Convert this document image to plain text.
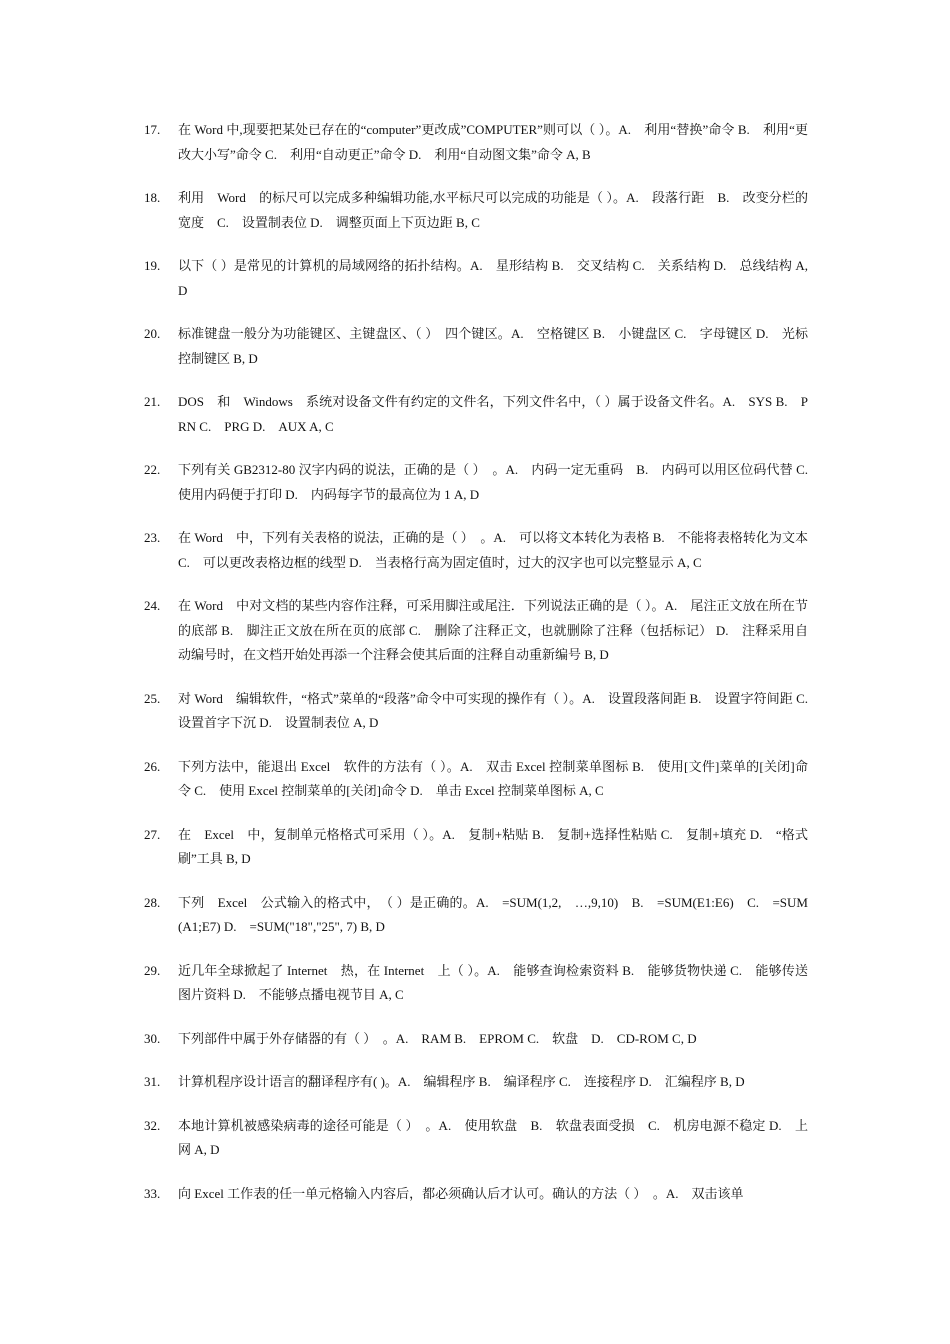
17.	在 Word 中,现要把某处已存在的“computer”更改成”COMPUTER”则可以（ ）。A.　利用“替换”命令 B.　利用“更改大小写”命令 C.　利用“自动更正”命令 D.　利用“自动图文集”命令 A, B
18.	利用　Word　的标尺可以完成多种编辑功能,水平标尺可以完成的功能是（ ）。A.　段落行距　B.　改变分栏的宽度　C.　设置制表位 D.　调整页面上下页边距 B, C
19.	以下（ ）是常见的计算机的局域网络的拓扑结构。A.　星形结构 B.　交叉结构 C.　关系结构 D.　总线结构 A, D
20.	标准键盘一般分为功能键区、主键盘区、（ ）　四个键区。A.　空格键区 B.　小键盘区 C.　字母键区 D.　光标控制键区 B, D
21.	DOS　和　Windows　系统对设备文件有约定的文件名，下列文件名中，（ ）属于设备文件名。A.　SYS B.　PRN C.　PRG D.　AUX A, C
22.	下列有关 GB2312-80 汉字内码的说法，正确的是（ ）　。A.　内码一定无重码　B.　内码可以用区位码代替 C.　使用内码便于打印 D.　内码每字节的最高位为 1 A, D
23.	在 Word　中，下列有关表格的说法，正确的是（ ）　。A.　可以将文本转化为表格 B.　不能将表格转化为文本 C.　可以更改表格边框的线型 D.　当表格行高为固定值时，过大的汉字也可以完整显示 A, C
24.	在 Word　中对文档的某些内容作注释，可采用脚注或尾注．下列说法正确的是（ ）。A.　尾注正文放在所在节的底部 B.　脚注正文放在所在页的底部 C.　删除了注释正文，也就删除了注释（包括标记） D.　注释采用自动编号时，在文档开始处再添一个注释会使其后面的注释自动重新编号 B, D
25.	对 Word　编辑软件，“格式”菜单的“段落”命令中可实现的操作有（ ）。A.　设置段落间距 B.　设置字符间距 C.　设置首字下沉 D.　设置制表位 A, D
26.	下列方法中，能退出 Excel　软件的方法有（ ）。A.　双击 Excel 控制菜单图标 B.　使用[文件]菜单的[关闭]命令 C.　使用 Excel 控制菜单的[关闭]命令 D.　单击 Excel 控制菜单图标 A, C
27.	在　Excel　中，复制单元格格式可采用（ ）。A.　复制+粘贴 B.　复制+选择性粘贴 C.　复制+填充 D.　“格式刷”工具 B, D
28.	下列　Excel　公式输入的格式中，　（ ）是正确的。A.　=SUM(1,2,　…,9,10)　B.　=SUM(E1:E6)　C.　=SUM(A1;E7) D.　=SUM("18","25", 7) B, D
29.	近几年全球掀起了 Internet　热，在 Internet　上（ ）。A.　能够查询检索资料 B.　能够货物快递 C.　能够传送图片资料 D.　不能够点播电视节目 A, C
30.	下列部件中属于外存储器的有（ ）　。A.　RAM B.　EPROM C.　软盘　D.　CD-ROM C, D
31.	计算机程序设计语言的翻译程序有( )。A.　编辑程序 B.　编译程序 C.　连接程序 D.　汇编程序 B, D
32.	本地计算机被感染病毒的途径可能是（ ）　。A.　使用软盘　B.　软盘表面受损　C.　机房电源不稳定 D.　上网 A, D
33.	向 Excel 工作表的任一单元格输入内容后，都必须确认后才认可。确认的方法（ ）　。A.　双击该单
